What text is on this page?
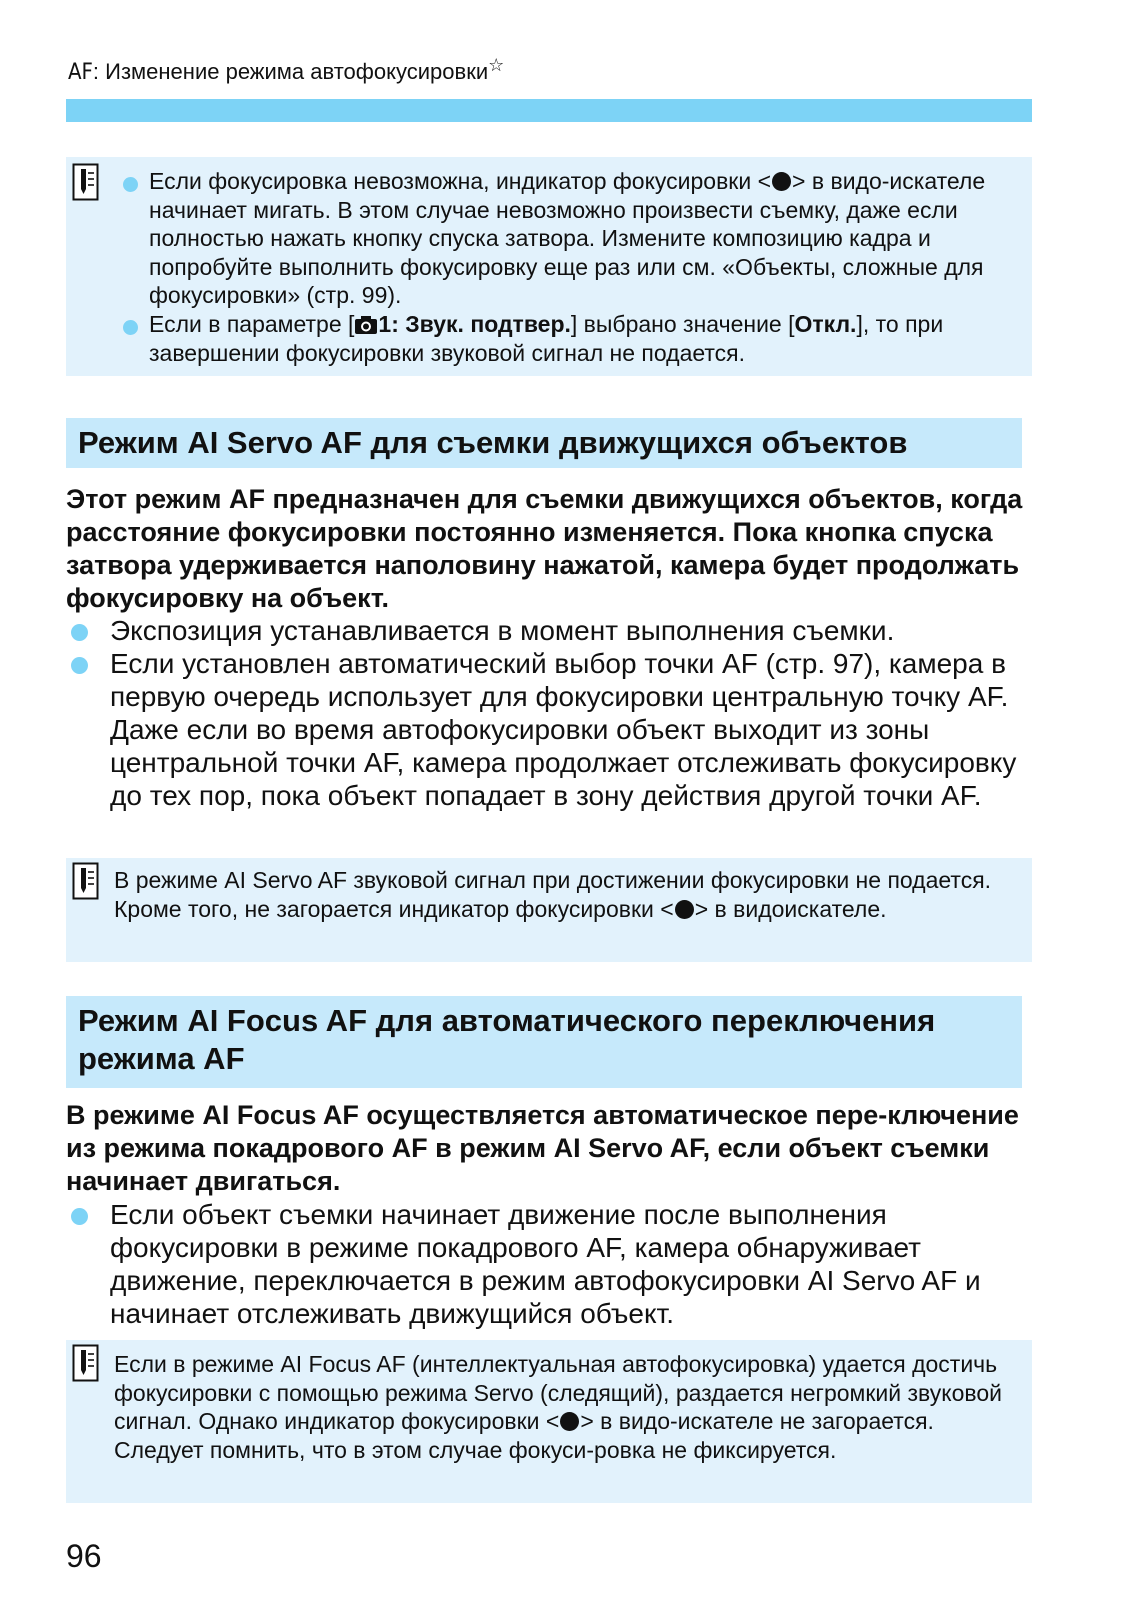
AF: Изменение режима автофокусировки☆
Если фокусировка невозможна, индикатор фокусировки < > в видо-искателе начинает мигать. В этом случае невозможно произвести съемку, даже если полностью нажать кнопку спуска затвора. Измените композицию кадра и попробуйте выполнить фокусировку еще раз или см. «Объекты, сложные для фокусировки» (стр. 99).
Если в параметре [ 1: Звук. подтвер.] выбрано значение [Откл.], то при завершении фокусировки звуковой сигнал не подается.
Режим AI Servo AF для съемки движущихся объектов
Этот режим AF предназначен для съемки движущихся объектов, когда расстояние фокусировки постоянно изменяется. Пока кнопка спуска затвора удерживается наполовину нажатой, камера будет продолжать фокусировку на объект.
Экспозиция устанавливается в момент выполнения съемки.
Если установлен автоматический выбор точки AF (стр. 97), камера в первую очередь использует для фокусировки центральную точку AF. Даже если во время автофокусировки объект выходит из зоны центральной точки AF, камера продолжает отслеживать фокусировку до тех пор, пока объект попадает в зону действия другой точки AF.
В режиме AI Servo AF звуковой сигнал при достижении фокусировки не подается. Кроме того, не загорается индикатор фокусировки < > в видоискателе.
Режим AI Focus AF для автоматического переключения режима AF
В режиме AI Focus AF осуществляется автоматическое пере-ключение из режима покадрового AF в режим AI Servo AF, если объект съемки начинает двигаться.
Если объект съемки начинает движение после выполнения фокусировки в режиме покадрового AF, камера обнаруживает движение, переключается в режим автофокусировки AI Servo AF и начинает отслеживать движущийся объект.
Если в режиме AI Focus AF (интеллектуальная автофокусировка) удается достичь фокусировки с помощью режима Servo (следящий), раздается негромкий звуковой сигнал. Однако индикатор фокусировки < > в видо-искателе не загорается. Следует помнить, что в этом случае фокуси-ровка не фиксируется.
96
